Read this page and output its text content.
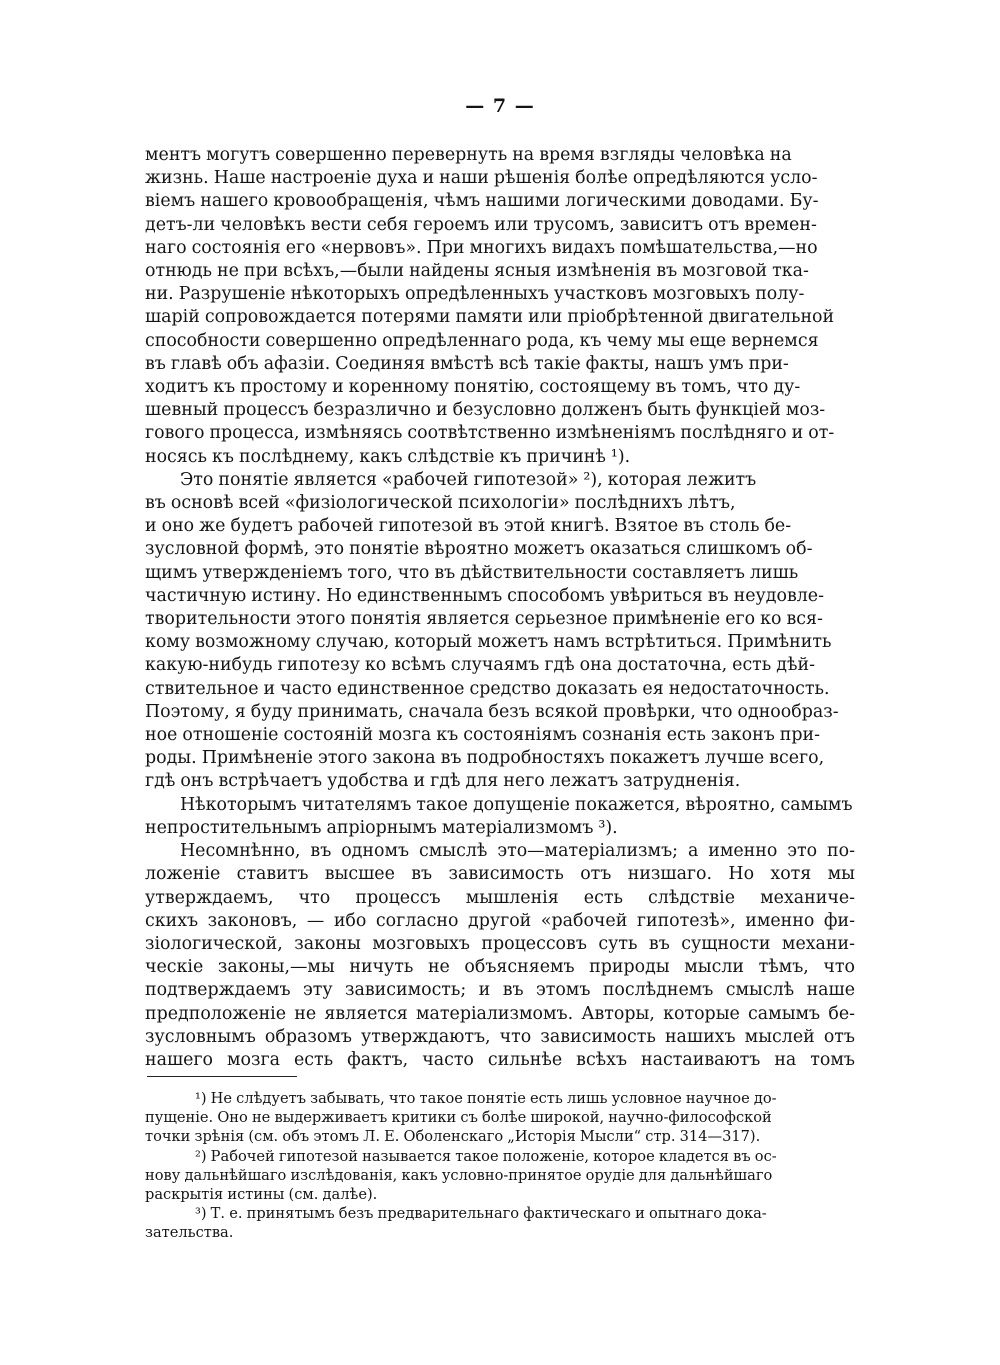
— 7 —

ментъ могутъ совершенно перевернуть на время взгляды человѣка на
жизнь. Наше настроеніе духа и наши рѣшенія болѣе опредѣляются усло-
віемъ нашего кровообращенія, чѣмъ нашими логическими доводами. Бу-
детъ-ли человѣкъ вести себя героемъ или трусомъ, зависитъ отъ времен-
наго состоянія его «нервовъ». При многихъ видахъ помѣшательства,—но
отнюдь не при всѣхъ,—были найдены ясныя измѣненія въ мозговой тка-
ни. Разрушеніе нѣкоторыхъ опредѣленныхъ участковъ мозговыхъ полу-
шарій сопровождается потерями памяти или пріобрѣтенной двигательной
способности совершенно опредѣленнаго рода, къ чему мы еще вернемся
въ главѣ объ афазіи. Соединяя вмѣстѣ всѣ такіе факты, нашъ умъ при-
ходитъ къ простому и коренному понятію, состоящему въ томъ, что ду-
шевный процессъ безразлично и безусловно долженъ быть функціей моз-
гового процесса, измѣняясь соотвѣтственно измѣненіямъ послѣдняго и от-
носясь къ послѣднему, какъ слѣдствіе къ причинѣ ¹).

Это понятіе является «рабочей гипотезой» ²), которая лежитъ
въ основѣ всей «физіологической психологіи» послѣднихъ лѣтъ,
и оно же будетъ рабочей гипотезой въ этой книгѣ. Взятое въ столь бе-
зусловной формѣ, это понятіе вѣроятно можетъ оказаться слишкомъ об-
щимъ утвержденіемъ того, что въ дѣйствительности составляетъ лишь
частичную истину. Но единственнымъ способомъ увѣриться въ неудовле-
творительности этого понятія является серьезное примѣненіе его ко вся-
кому возможному случаю, который можетъ намъ встрѣтиться. Примѣнить
какую-нибудь гипотезу ко всѣмъ случаямъ гдѣ она достаточна, есть дѣй-
ствительное и часто единственное средство доказать ея недостаточность.
Поэтому, я буду принимать, сначала безъ всякой провѣрки, что однообраз-
ное отношеніе состояній мозга къ состояніямъ сознанія есть законъ при-
роды. Примѣненіе этого закона въ подробностяхъ покажетъ лучше всего,
гдѣ онъ встрѣчаетъ удобства и гдѣ для него лежатъ затрудненія.

Нѣкоторымъ читателямъ такое допущеніе покажется, вѣроятно, самымъ
непростительнымъ апріорнымъ матеріализмомъ ³).

Несомнѣнно, въ одномъ смыслѣ это—матеріализмъ; а именно это по-
ложеніе ставитъ высшее въ зависимость отъ низшаго. Но хотя мы
утверждаемъ, что процессъ мышленія есть слѣдствіе механиче-
скихъ законовъ, — ибо согласно другой «рабочей гипотезѣ», именно фи-
зіологической, законы мозговыхъ процессовъ суть въ сущности механи-
ческіе законы,—мы ничуть не объясняемъ природы мысли тѣмъ, что
подтверждаемъ эту зависимость; и въ этомъ послѣднемъ смыслѣ наше
предположеніе не является матеріализмомъ. Авторы, которые самымъ бе-
зусловнымъ образомъ утверждаютъ, что зависимость нашихъ мыслей отъ
нашего мозга есть фактъ, часто сильнѣе всѣхъ настаиваютъ на томъ

¹) Не слѣдуетъ забывать, что такое понятіе есть лишь условное научное до-
пущеніе. Оно не выдерживаетъ критики съ болѣе широкой, научно-философской
точки зрѣнія (см. объ этомъ Л. Е. Оболенскаго „Исторія Мысли“ стр. 314—317).

²) Рабочей гипотезой называется такое положеніе, которое кладется въ ос-
нову дальнѣйшаго изслѣдованія, какъ условно-принятое орудіе для дальнѣйшаго
раскрытія истины (см. далѣе).

³) Т. е. принятымъ безъ предварительнаго фактическаго и опытнаго дока-
зательства.
